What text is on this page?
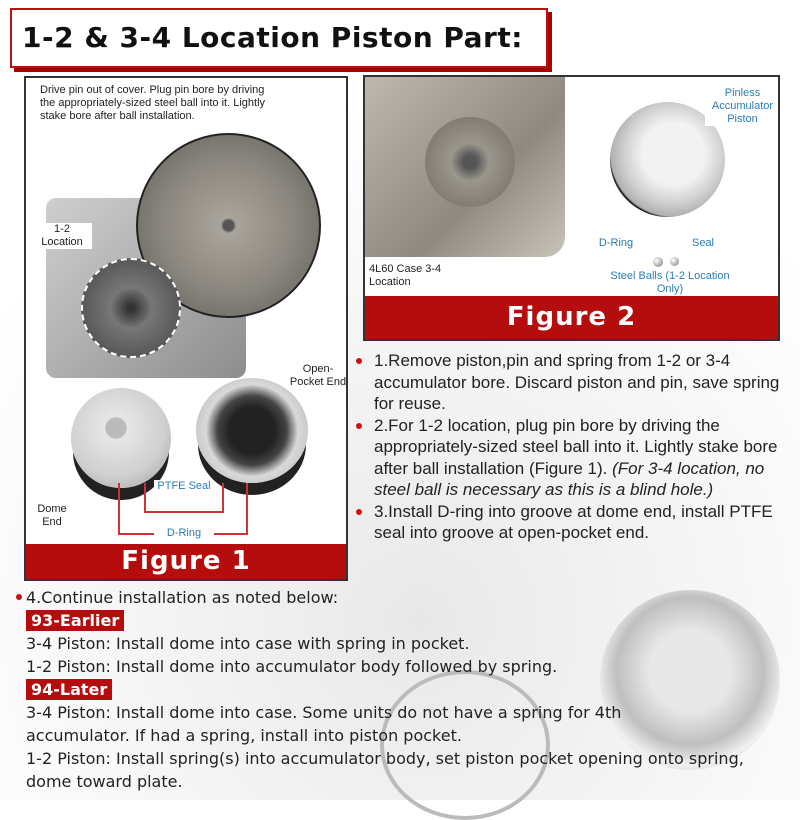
1-2 & 3-4 Location Piston Part:
Drive pin out of cover. Plug pin bore by driving the appropriately-sized steel ball into it. Lightly stake bore after ball installation.
1-2 Location
Open-Pocket End
Dome End
PTFE Seal
D-Ring
Figure 1
4L60 Case 3-4 Location
Pinless Accumulator Piston
D-Ring	Seal
Steel Balls (1-2 Location Only)
Figure 2
1.Remove piston,pin and spring from 1-2 or 3-4 accumulator bore. Discard piston and pin, save spring for reuse.
2.For 1-2 location, plug pin bore by driving the appropriately-sized steel ball into it. Lightly stake bore after ball installation (Figure 1). (For 3-4 location, no steel ball is necessary as this is a blind hole.)
3.Install D-ring into groove at dome end, install PTFE seal into groove at open-pocket end.
4.Continue installation as noted below:
93-Earlier
3-4 Piston: Install dome into case with spring in pocket.
1-2 Piston: Install dome into accumulator body followed by spring.
94-Later
3-4 Piston: Install dome into case. Some units do not have a spring for 4th accumulator. If had a spring, install into piston pocket.
1-2 Piston: Install spring(s) into accumulator body, set piston pocket opening onto spring, dome toward plate.
